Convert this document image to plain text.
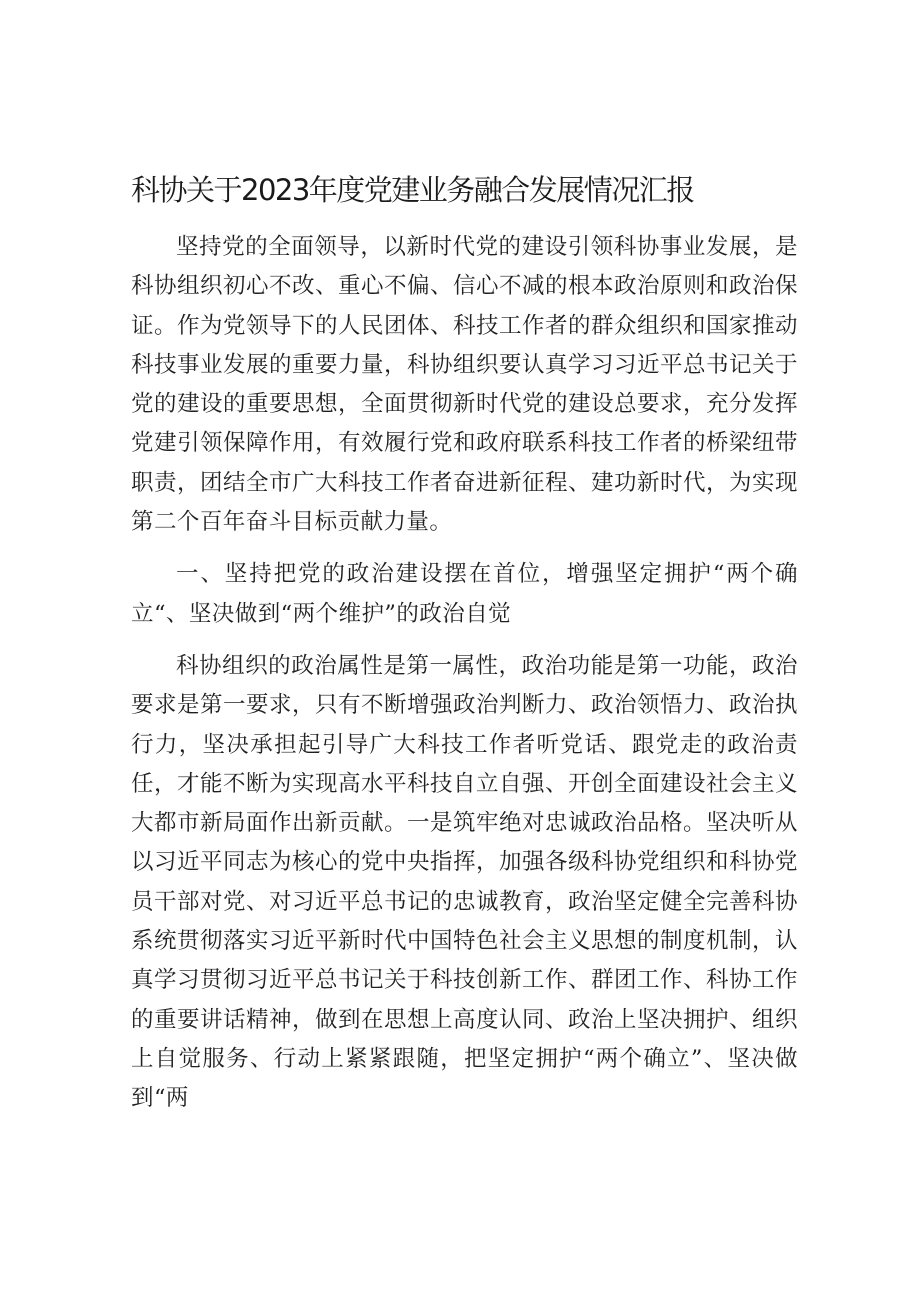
科协关于2023年度党建业务融合发展情况汇报

坚持党的全面领导，以新时代党的建设引领科协事业发展，是科协组织初心不改、重心不偏、信心不减的根本政治原则和政治保证。作为党领导下的人民团体、科技工作者的群众组织和国家推动科技事业发展的重要力量，科协组织要认真学习习近平总书记关于党的建设的重要思想，全面贯彻新时代党的建设总要求，充分发挥党建引领保障作用，有效履行党和政府联系科技工作者的桥梁纽带职责，团结全市广大科技工作者奋进新征程、建功新时代，为实现第二个百年奋斗目标贡献力量。

一、坚持把党的政治建设摆在首位，增强坚定拥护“两个确立“、坚决做到“两个维护”的政治自觉

科协组织的政治属性是第一属性，政治功能是第一功能，政治要求是第一要求，只有不断增强政治判断力、政治领悟力、政治执行力，坚决承担起引导广大科技工作者听党话、跟党走的政治责任，才能不断为实现高水平科技自立自强、开创全面建设社会主义大都市新局面作出新贡献。一是筑牢绝对忠诚政治品格。坚决听从以习近平同志为核心的党中央指挥，加强各级科协党组织和科协党员干部对党、对习近平总书记的忠诚教育，政治坚定健全完善科协系统贯彻落实习近平新时代中国特色社会主义思想的制度机制，认真学习贯彻习近平总书记关于科技创新工作、群团工作、科协工作的重要讲话精神，做到在思想上高度认同、政治上坚决拥护、组织上自觉服务、行动上紧紧跟随，把坚定拥护“两个确立”、坚决做到“两
